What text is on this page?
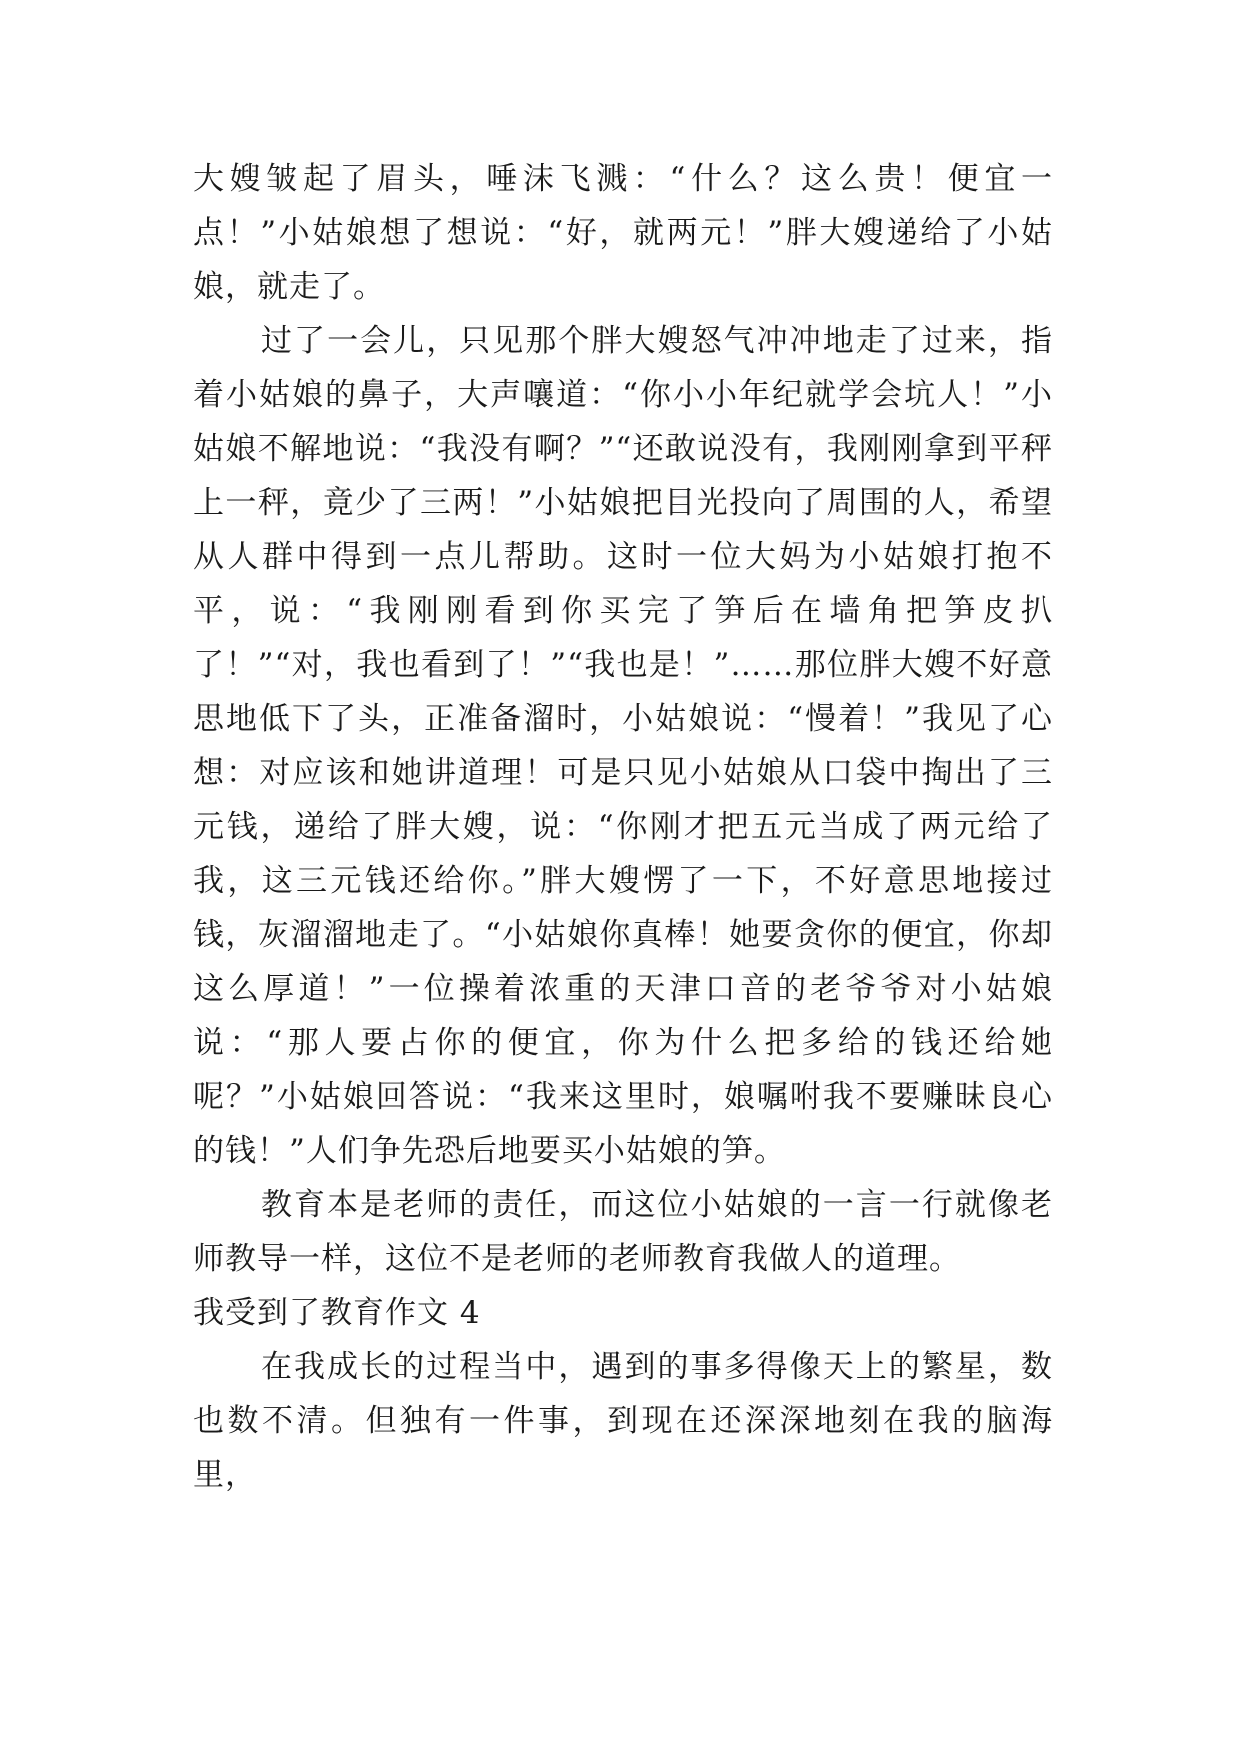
大嫂皱起了眉头，唾沫飞溅：“什么？这么贵！便宜一点！”小姑娘想了想说：“好，就两元！”胖大嫂递给了小姑娘，就走了。

过了一会儿，只见那个胖大嫂怒气冲冲地走了过来，指着小姑娘的鼻子，大声嚷道：“你小小年纪就学会坑人！”小姑娘不解地说：“我没有啊？”“还敢说没有，我刚刚拿到平秤上一秤，竟少了三两！”小姑娘把目光投向了周围的人，希望从人群中得到一点儿帮助。这时一位大妈为小姑娘打抱不平，说：“我刚刚看到你买完了笋后在墙角把笋皮扒了！”“对，我也看到了！”“我也是！”……那位胖大嫂不好意思地低下了头，正准备溜时，小姑娘说：“慢着！”我见了心想：对应该和她讲道理！可是只见小姑娘从口袋中掏出了三元钱，递给了胖大嫂，说：“你刚才把五元当成了两元给了我，这三元钱还给你。”胖大嫂愣了一下，不好意思地接过钱，灰溜溜地走了。“小姑娘你真棒！她要贪你的便宜，你却这么厚道！”一位操着浓重的天津口音的老爷爷对小姑娘说：“那人要占你的便宜，你为什么把多给的钱还给她呢？”小姑娘回答说：“我来这里时，娘嘱咐我不要赚昧良心的钱！”人们争先恐后地要买小姑娘的笋。

教育本是老师的责任，而这位小姑娘的一言一行就像老师教导一样，这位不是老师的老师教育我做人的道理。

我受到了教育作文 4

在我成长的过程当中，遇到的事多得像天上的繁星，数也数不清。但独有一件事，到现在还深深地刻在我的脑海里，
